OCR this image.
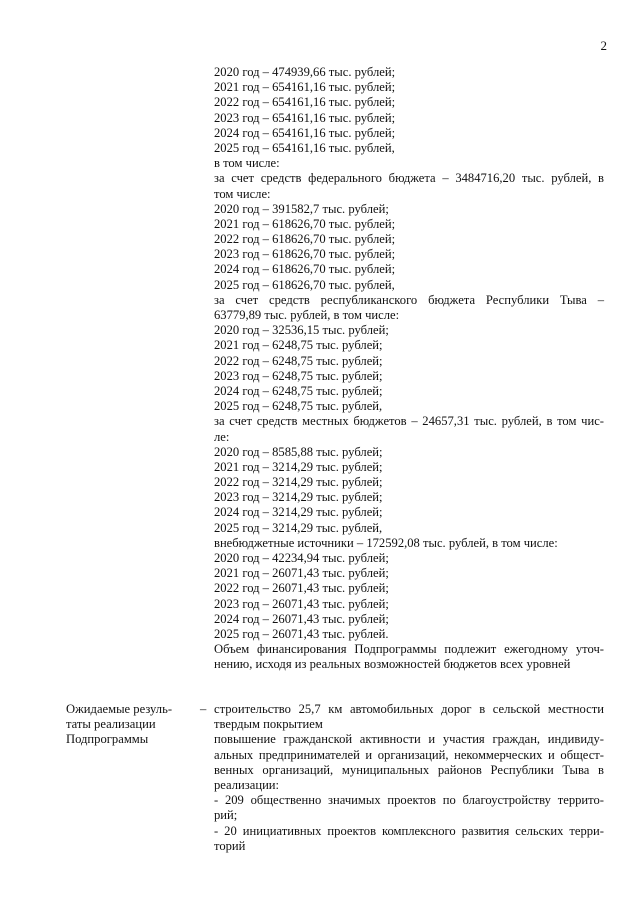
2
2020 год – 474939,66 тыс. рублей;
2021 год – 654161,16 тыс. рублей;
2022 год – 654161,16 тыс. рублей;
2023 год – 654161,16 тыс. рублей;
2024 год – 654161,16 тыс. рублей;
2025 год – 654161,16 тыс. рублей,
в том числе:
за счет средств федерального бюджета – 3484716,20 тыс. рублей, в
том числе:
2020 год – 391582,7 тыс. рублей;
2021 год – 618626,70 тыс. рублей;
2022 год – 618626,70 тыс. рублей;
2023 год – 618626,70 тыс. рублей;
2024 год – 618626,70 тыс. рублей;
2025 год – 618626,70 тыс. рублей,
за счет средств республиканского бюджета Республики Тыва –
63779,89 тыс. рублей, в том числе:
2020 год – 32536,15 тыс. рублей;
2021 год – 6248,75 тыс. рублей;
2022 год – 6248,75 тыс. рублей;
2023 год – 6248,75 тыс. рублей;
2024 год – 6248,75 тыс. рублей;
2025 год – 6248,75 тыс. рублей,
за счет средств местных бюджетов – 24657,31 тыс. рублей, в том чис-
ле:
2020 год – 8585,88 тыс. рублей;
2021 год – 3214,29 тыс. рублей;
2022 год – 3214,29 тыс. рублей;
2023 год – 3214,29 тыс. рублей;
2024 год – 3214,29 тыс. рублей;
2025 год – 3214,29 тыс. рублей,
внебюджетные источники – 172592,08 тыс. рублей, в том числе:
2020 год – 42234,94 тыс. рублей;
2021 год – 26071,43 тыс. рублей;
2022 год – 26071,43 тыс. рублей;
2023 год – 26071,43 тыс. рублей;
2024 год – 26071,43 тыс. рублей;
2025 год – 26071,43 тыс. рублей.
Объем финансирования Подпрограммы подлежит ежегодному уточ-
нению, исходя из реальных возможностей бюджетов всех уровней
Ожидаемые резуль-
таты реализации
Подпрограммы
– строительство 25,7 км автомобильных дорог в сельской местности
твердым покрытием
повышение гражданской активности и участия граждан, индивиду-
альных предпринимателей и организаций, некоммерческих и общест-
венных организаций, муниципальных районов Республики Тыва в
реализации:
- 209 общественно значимых проектов по благоустройству террито-
рий;
- 20 инициативных проектов комплексного развития сельских терри-
торий
